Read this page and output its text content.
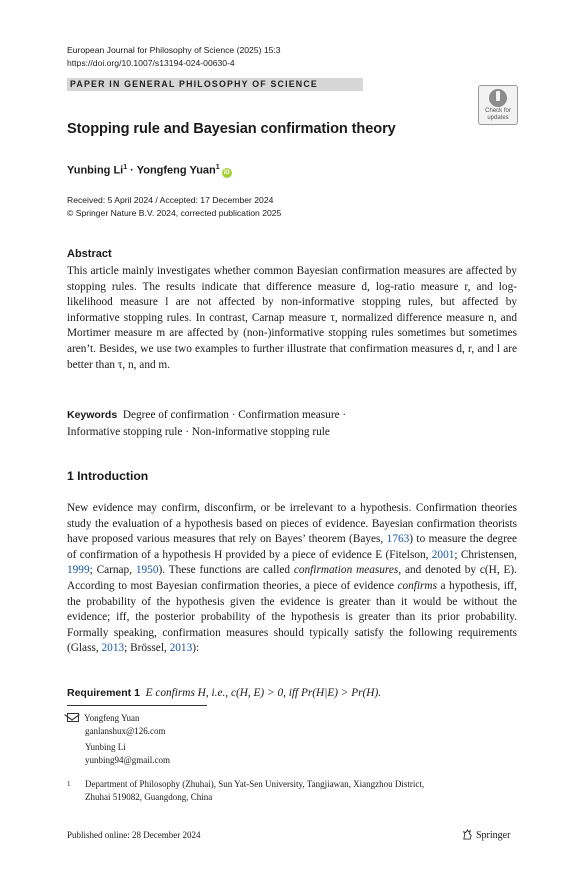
European Journal for Philosophy of Science (2025) 15:3
https://doi.org/10.1007/s13194-024-00630-4
PAPER IN GENERAL PHILOSOPHY OF SCIENCE
Check for
updates
Stopping rule and Bayesian confirmation theory
Yunbing $Li^1$ · Yongfeng Yuan$^1$iD
Received: 5 April 2024 / Accepted: 17 December 2024
© Springer Nature B.V. 2024, corrected publication 2025
Abstract
This article mainly investigates whether common Bayesian confirmation measures are affected by stopping rules. The results indicate that difference measure d, log-ratio measure r, and log-likelihood measure l are not affected by non-informative stopping rules, but affected by informative stopping rules. In contrast, Carnap measure τ, normalized difference measure n, and Mortimer measure m are affected by (non-)informative stopping rules sometimes but sometimes aren’t. Besides, we use two examples to further illustrate that confirmation measures d, r, and l are better than τ, n, and m.
Keywords Degree of confirmation · Confirmation measure ·
Informative stopping rule · Non-informative stopping rule
1 Introduction
New evidence may confirm, disconfirm, or be irrelevant to a hypothesis. Confirmation theories study the evaluation of a hypothesis based on pieces of evidence. Bayesian confirmation theorists have proposed various measures that rely on Bayes’ theorem (Bayes, 1763) to measure the degree of confirmation of a hypothesis H provided by a piece of evidence E (Fitelson, 2001; Christensen, 1999; Carnap, 1950). These functions are called confirmation measures, and denoted by c(H, E). According to most Bayesian confirmation theories, a piece of evidence confirms a hypothesis, iff, the probability of the hypothesis given the evidence is greater than it would be without the evidence; iff, the posterior probability of the hypothesis is greater than its prior probability. Formally speaking, confirmation measures should typically satisfy the following requirements (Glass, 2013; Brössel, 2013):
Requirement 1 E confirms H, i.e., c(H, E) > 0, iff Pr(H|E) > Pr(H).
Yongfeng Yuan
ganlanshux@126.com
Yunbing Li
yunbing94@gmail.com
1	Department of Philosophy (Zhuhai), Sun Yat-Sen University, Tangjiawan, Xiangzhou District,
Zhuhai 519082, Guangdong, China
Published online: 28 December 2024	Springer
